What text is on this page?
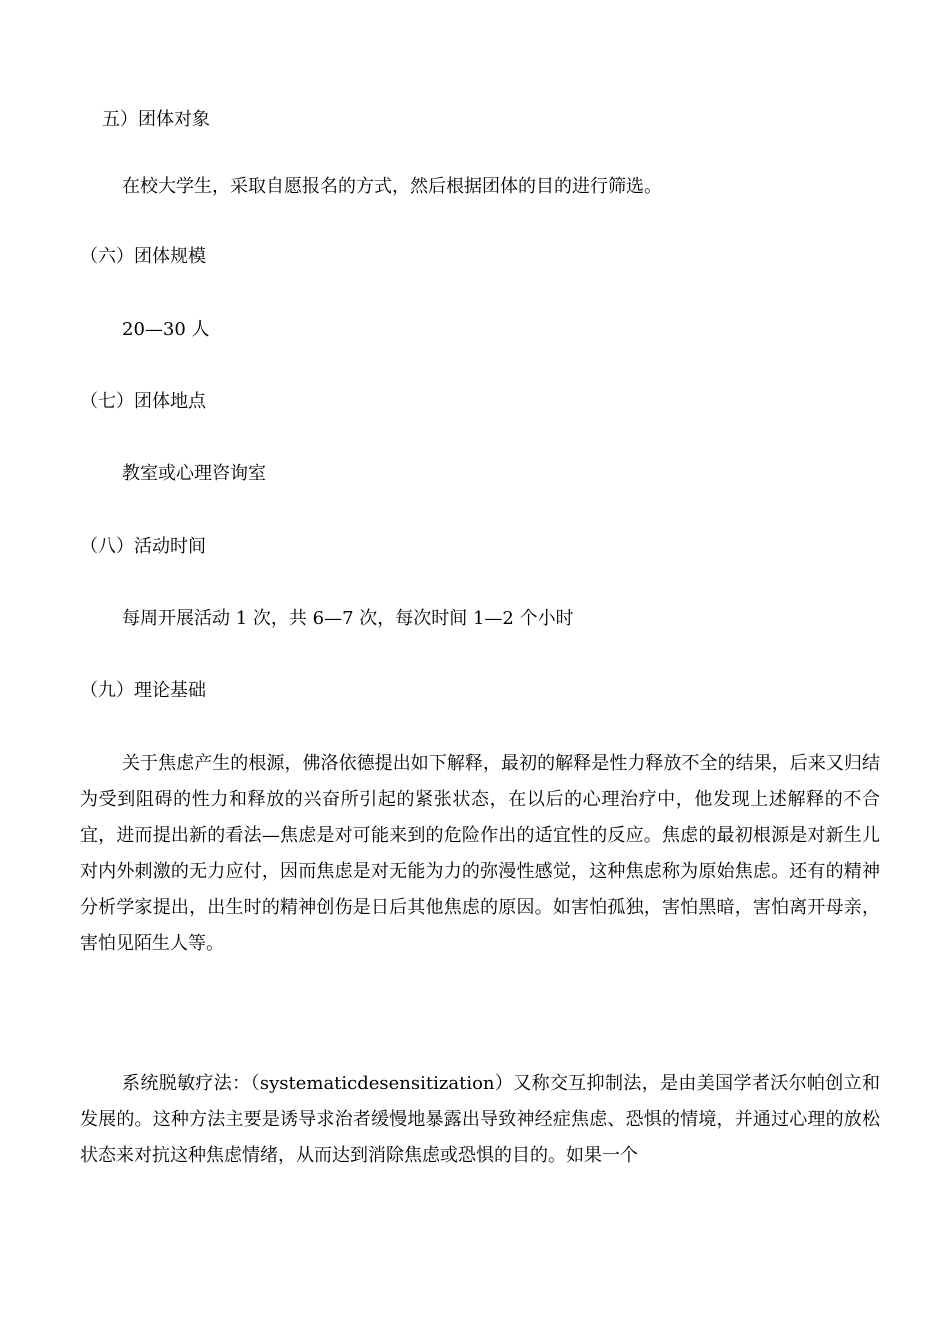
五）团体对象

在校大学生，采取自愿报名的方式，然后根据团体的目的进行筛选。

（六）团体规模

20—30 人

（七）团体地点

教室或心理咨询室

（八）活动时间

每周开展活动 1 次，共 6—7 次，每次时间 1—2 个小时

（九）理论基础

关于焦虑产生的根源，佛洛依德提出如下解释，最初的解释是性力释放不全的结果，后来又归结为受到阻碍的性力和释放的兴奋所引起的紧张状态，在以后的心理治疗中，他发现上述解释的不合宜，进而提出新的看法—焦虑是对可能来到的危险作出的适宜性的反应。焦虑的最初根源是对新生儿对内外刺激的无力应付，因而焦虑是对无能为力的弥漫性感觉，这种焦虑称为原始焦虑。还有的精神分析学家提出，出生时的精神创伤是日后其他焦虑的原因。如害怕孤独，害怕黑暗，害怕离开母亲，害怕见陌生人等。

系统脱敏疗法：（systematicdesensitization）又称交互抑制法，是由美国学者沃尔帕创立和发展的。这种方法主要是诱导求治者缓慢地暴露出导致神经症焦虑、恐惧的情境，并通过心理的放松状态来对抗这种焦虑情绪，从而达到消除焦虑或恐惧的目的。如果一个
